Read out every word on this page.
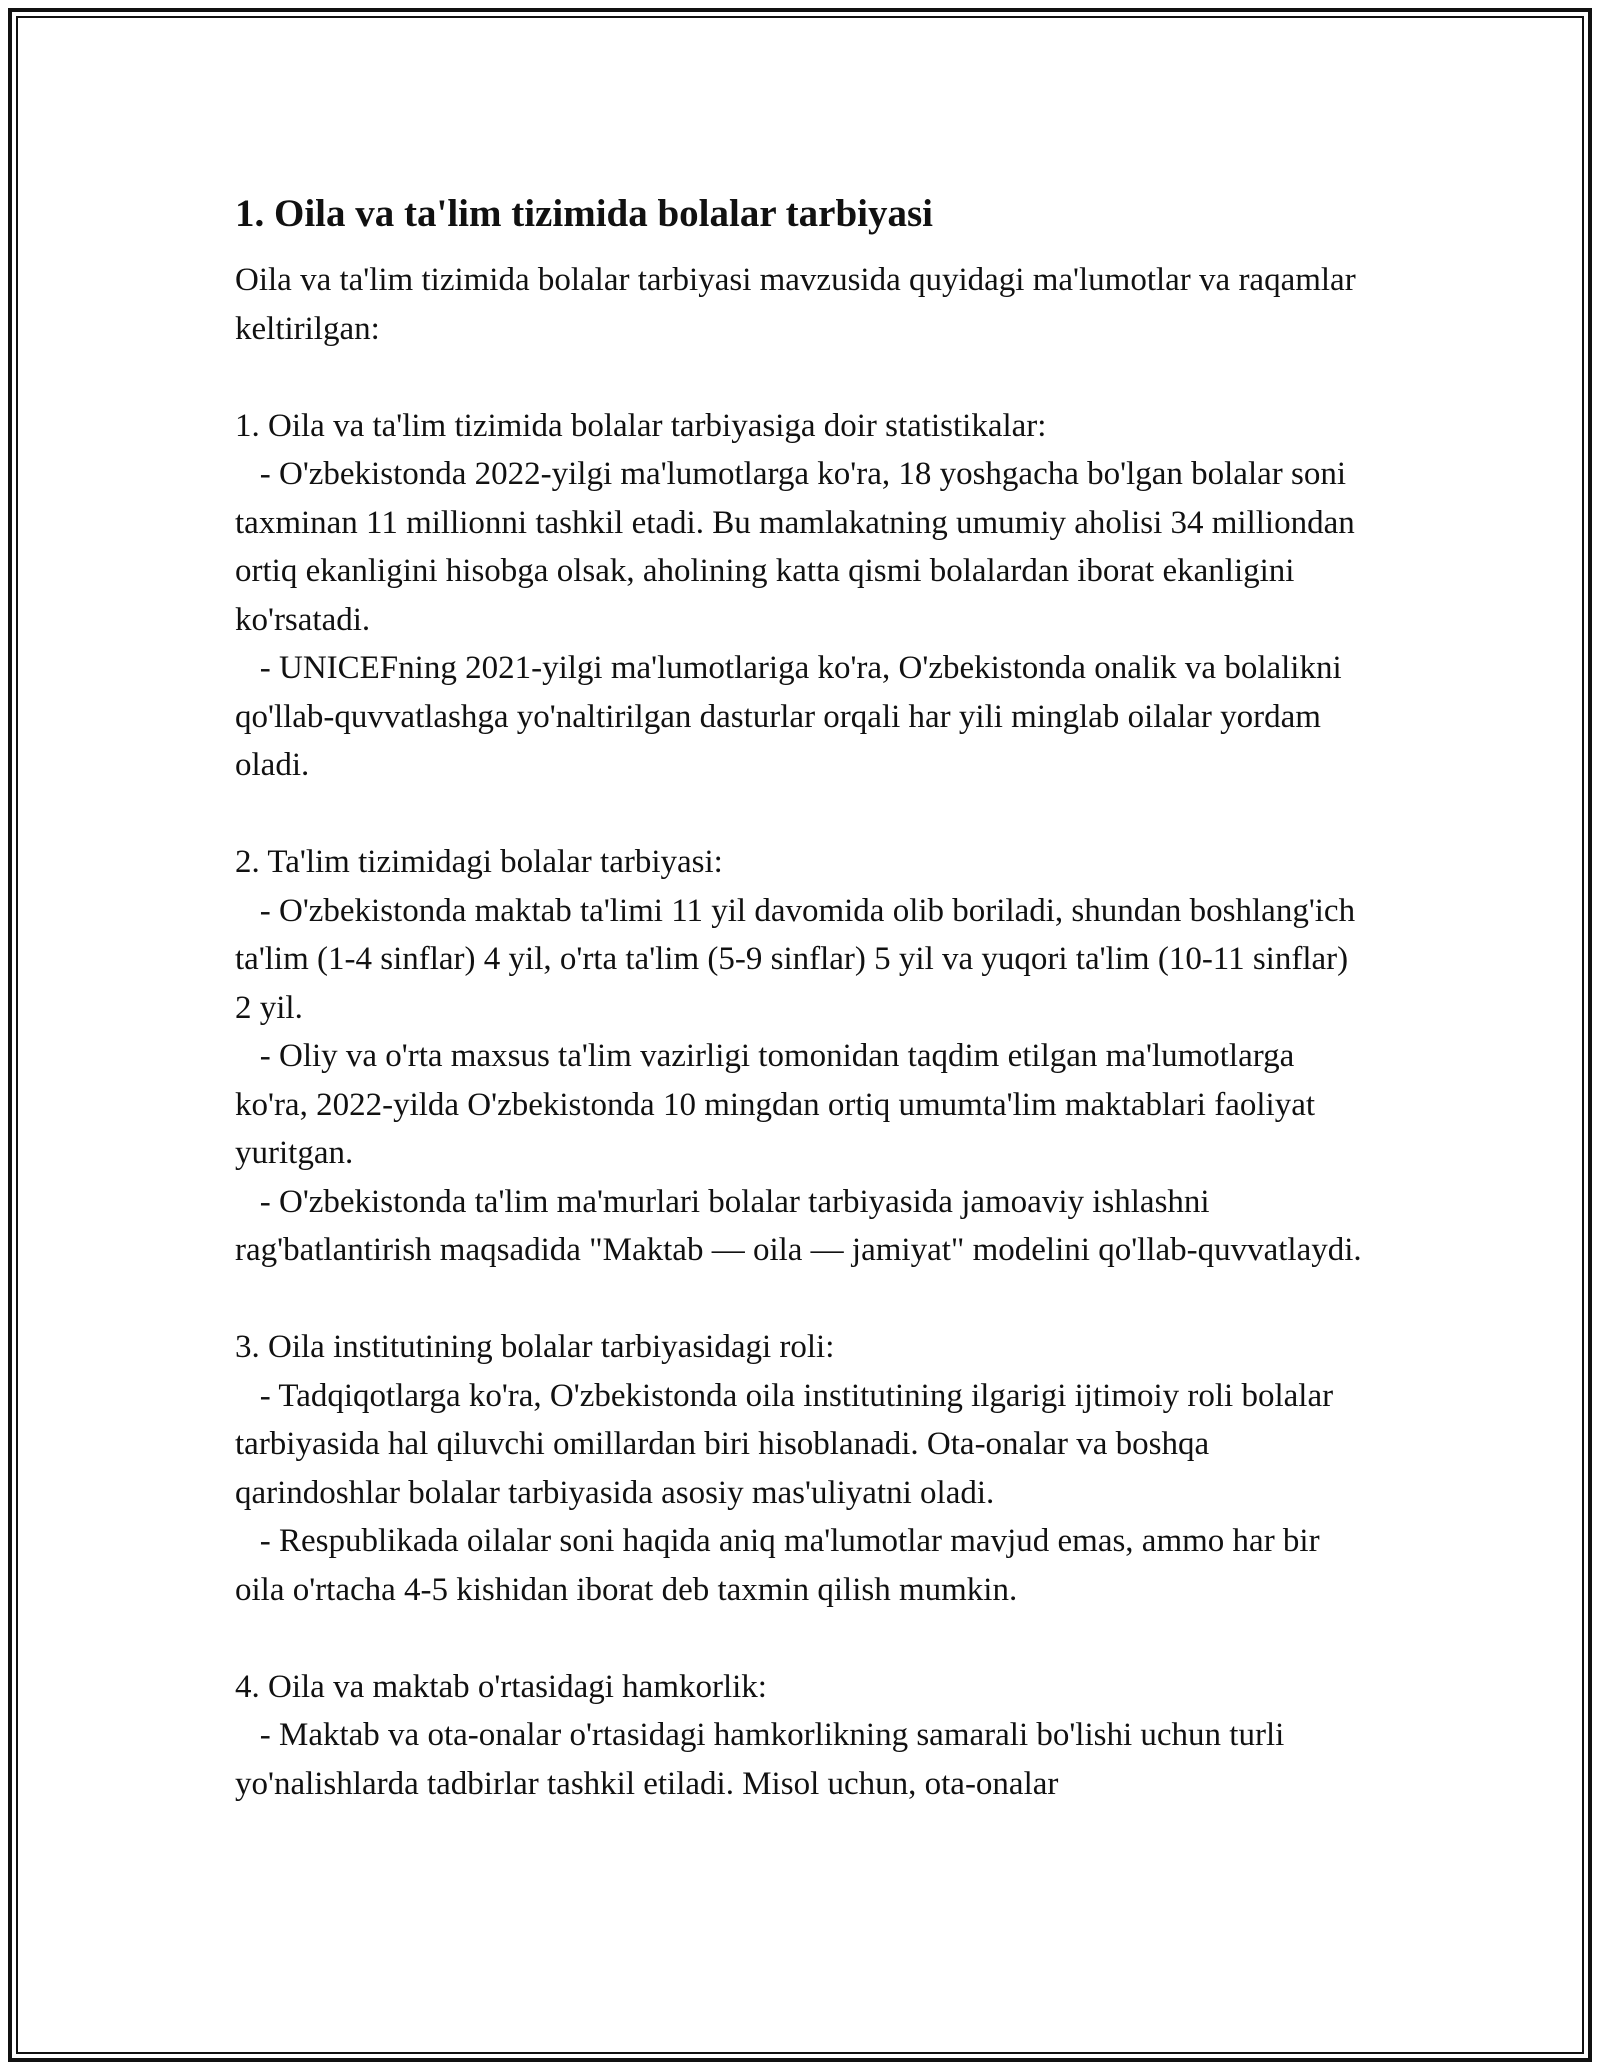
1. Oila va ta'lim tizimida bolalar tarbiyasi

Oila va ta'lim tizimida bolalar tarbiyasi mavzusida quyidagi ma'lumotlar va raqamlar keltirilgan:

1. Oila va ta'lim tizimida bolalar tarbiyasiga doir statistikalar:

- O'zbekistonda 2022-yilgi ma'lumotlarga ko'ra, 18 yoshgacha bo'lgan bolalar soni taxminan 11 millionni tashkil etadi. Bu mamlakatning umumiy aholisi 34 milliondan ortiq ekanligini hisobga olsak, aholining katta qismi bolalardan iborat ekanligini ko'rsatadi.

- UNICEFning 2021-yilgi ma'lumotlariga ko'ra, O'zbekistonda onalik va bolalikni qo'llab-quvvatlashga yo'naltirilgan dasturlar orqali har yili minglab oilalar yordam oladi.

2. Ta'lim tizimidagi bolalar tarbiyasi:

- O'zbekistonda maktab ta'limi 11 yil davomida olib boriladi, shundan boshlang'ich ta'lim (1-4 sinflar) 4 yil, o'rta ta'lim (5-9 sinflar) 5 yil va yuqori ta'lim (10-11 sinflar) 2 yil.

- Oliy va o'rta maxsus ta'lim vazirligi tomonidan taqdim etilgan ma'lumotlarga ko'ra, 2022-yilda O'zbekistonda 10 mingdan ortiq umumta'lim maktablari faoliyat yuritgan.

- O'zbekistonda ta'lim ma'murlari bolalar tarbiyasida jamoaviy ishlashni rag'batlantirish maqsadida "Maktab — oila — jamiyat" modelini qo'llab-quvvatlaydi.

3. Oila institutining bolalar tarbiyasidagi roli:

- Tadqiqotlarga ko'ra, O'zbekistonda oila institutining ilgarigi ijtimoiy roli bolalar tarbiyasida hal qiluvchi omillardan biri hisoblanadi. Ota-onalar va boshqa qarindoshlar bolalar tarbiyasida asosiy mas'uliyatni oladi.

- Respublikada oilalar soni haqida aniq ma'lumotlar mavjud emas, ammo har bir oila o'rtacha 4-5 kishidan iborat deb taxmin qilish mumkin.

4. Oila va maktab o'rtasidagi hamkorlik:

- Maktab va ota-onalar o'rtasidagi hamkorlikning samarali bo'lishi uchun turli yo'nalishlarda tadbirlar tashkil etiladi. Misol uchun, ota-onalar
